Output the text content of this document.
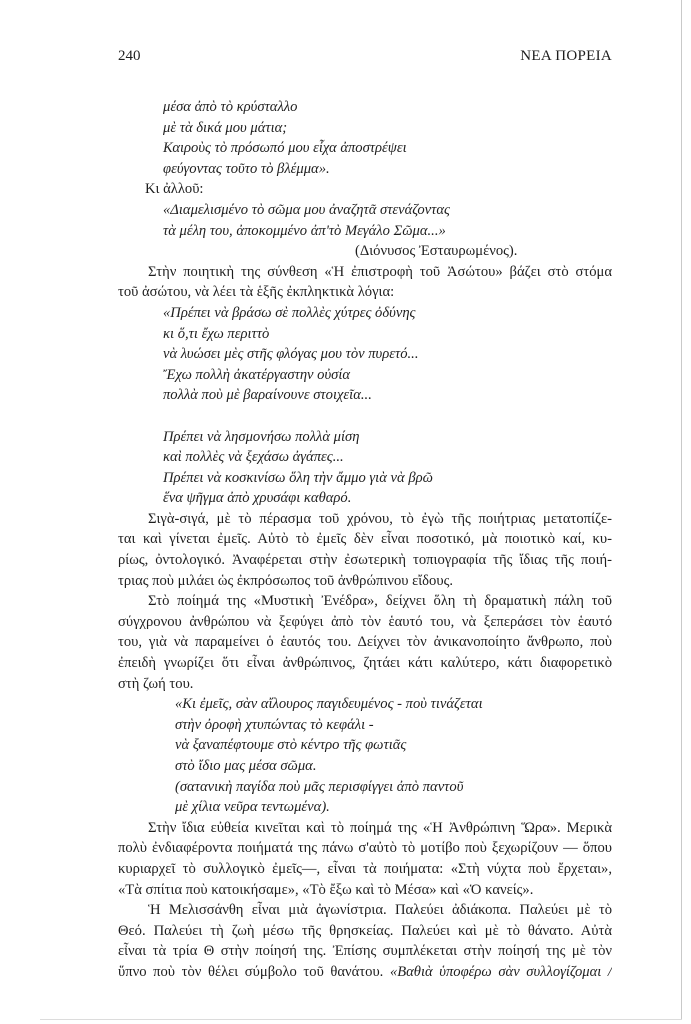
240	ΝΕΑ ΠΟΡΕΙΑ
μέσα ἀπὸ τὸ κρύσταλλο
μὲ τὰ δικά μου μάτια;
Καιροὺς τὸ πρόσωπό μου εἶχα ἀποστρέψει
φεύγοντας τοῦτο τὸ βλέμμα».
Κι ἀλλοῦ:
«Διαμελισμένο τὸ σῶμα μου ἀναζητᾶ στενάζοντας
τὰ μέλη του, ἀποκομμένο ἀπ'τὸ Μεγάλο Σῶμα...»
(Διόνυσος Ἐσταυρωμένος).
Στὴν ποιητικὴ της σύνθεση «Ἡ ἐπιστροφὴ τοῦ Ἀσώτου» βάζει στὸ στόμα
τοῦ ἀσώτου, νὰ λέει τὰ ἑξῆς ἐκπληκτικὰ λόγια:
«Πρέπει νὰ βράσω σὲ πολλὲς χύτρες ὀδύνης
κι ὅ,τι ἔχω περιττὸ
νὰ λυώσει μὲς στῆς φλόγας μου τὸν πυρετό...
Ἔχω πολλὴ ἀκατέργαστην οὐσία
πολλὰ ποὺ μὲ βαραίνουνε στοιχεῖα...

Πρέπει νὰ λησμονήσω πολλὰ μίση
καὶ πολλὲς νὰ ξεχάσω ἀγάπες...
Πρέπει νὰ κοσκινίσω ὅλη τὴν ἄμμο γιὰ νὰ βρῶ
ἕνα ψῆγμα ἀπὸ χρυσάφι καθαρό.
Σιγὰ-σιγά, μὲ τὸ πέρασμα τοῦ χρόνου, τὸ ἐγὼ τῆς ποιήτριας μετατοπίζε-
ται καὶ γίνεται ἐμεῖς. Αὐτὸ τὸ ἐμεῖς δὲν εἶναι ποσοτικό, μὰ ποιοτικὸ καί, κυ-
ρίως, ὀντολογικό. Ἀναφέρεται στὴν ἐσωτερικὴ τοπιογραφία τῆς ἴδιας τῆς ποιή-
τριας ποὺ μιλάει ὡς ἐκπρόσωπος τοῦ ἀνθρώπινου εἴδους.
Στὸ ποίημά της «Μυστικὴ Ἐνέδρα», δείχνει ὅλη τὴ δραματικὴ πάλη τοῦ
σύγχρονου ἀνθρώπου νὰ ξεφύγει ἀπὸ τὸν ἑαυτό του, νὰ ξεπεράσει τὸν ἑαυτό
του, γιὰ νὰ παραμείνει ὁ ἑαυτός του. Δείχνει τὸν ἀνικανοποίητο ἄνθρωπο, ποὺ
ἐπειδὴ γνωρίζει ὅτι εἶναι ἀνθρώπινος, ζητάει κάτι καλύτερο, κάτι διαφορετικὸ
στὴ ζωή του.
«Κι ἐμεῖς, σὰν αἴλουρος παγιδευμένος - ποὺ τινάζεται
στὴν ὀροφὴ χτυπώντας τὸ κεφάλι -
νὰ ξαναπέφτουμε στὸ κέντρο τῆς φωτιᾶς
στὸ ἴδιο μας μέσα σῶμα.
(σατανικὴ παγίδα ποὺ μᾶς περισφίγγει ἀπὸ παντοῦ
μὲ χίλια νεῦρα τεντωμένα).
Στὴν ἴδια εὐθεία κινεῖται καὶ τὸ ποίημά της «Ἡ Ἀνθρώπινη Ὥρα». Μερικὰ
πολὺ ἐνδιαφέροντα ποιήματά της πάνω σ'αὐτὸ τὸ μοτίβο ποὺ ξεχωρίζουν — ὅπου
κυριαρχεῖ τὸ συλλογικὸ ἐμεῖς—, εἶναι τὰ ποιήματα: «Στὴ νύχτα ποὺ ἔρχεται»,
«Τὰ σπίτια ποὺ κατοικήσαμε», «Τὸ ἔξω καὶ τὸ Μέσα» καὶ «Ὁ κανείς».
Ἡ Μελισσάνθη εἶναι μιὰ ἀγωνίστρια. Παλεύει ἀδιάκοπα. Παλεύει μὲ τὸ
Θεό. Παλεύει τὴ ζωὴ μέσω τῆς θρησκείας. Παλεύει καὶ μὲ τὸ θάνατο. Αὐτὰ
εἶναι τὰ τρία Θ στὴν ποίησή της. Ἐπίσης συμπλέκεται στὴν ποίησή της μὲ τὸν
ὕπνο ποὺ τὸν θέλει σύμβολο τοῦ θανάτου. «Βαθιὰ ὑποφέρω σὰν συλλογίζομαι /
